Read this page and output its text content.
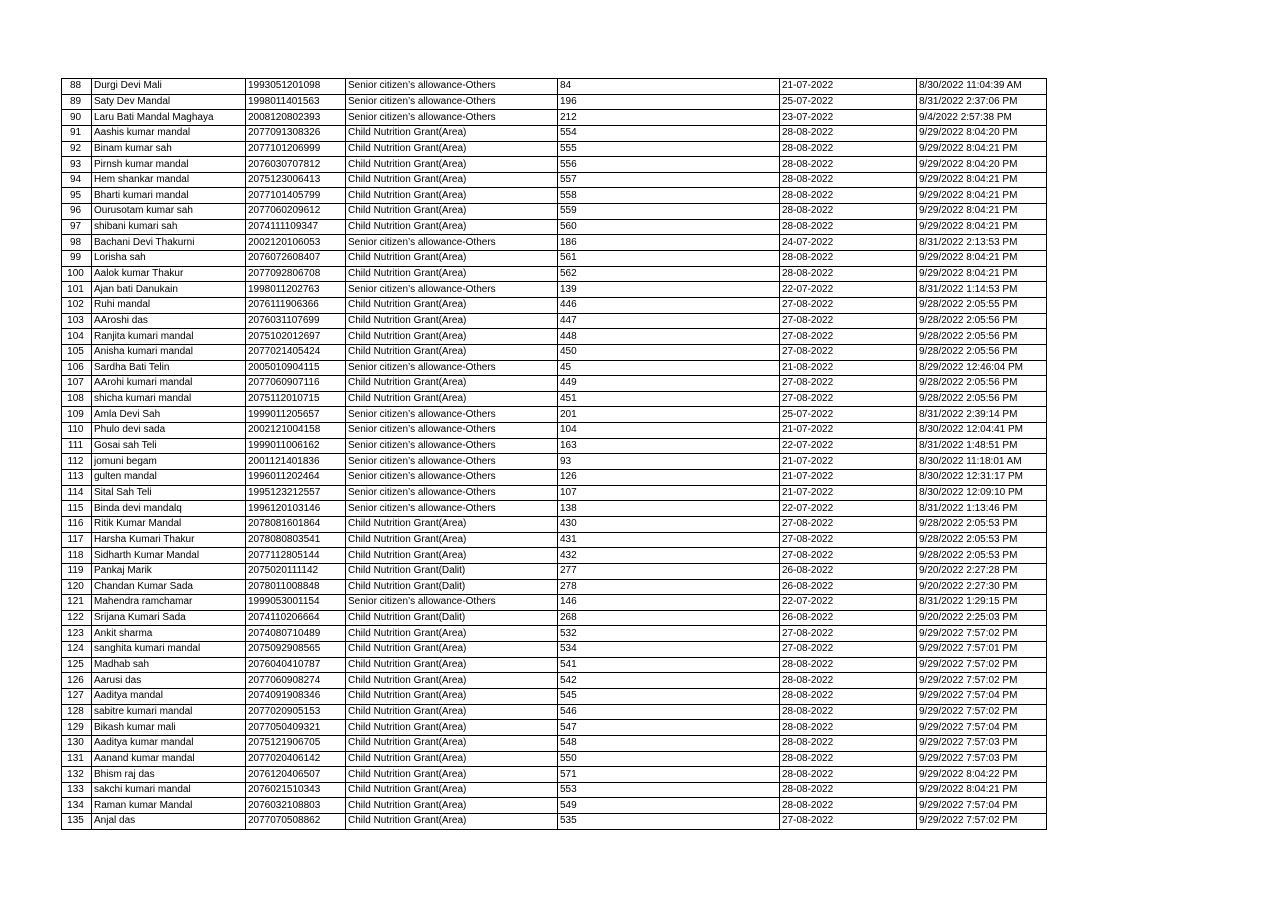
88	Durgi Devi Mali	1993051201098	Senior citizen’s allowance-Others	84	21-07-2022	8/30/2022 11:04:39 AM
89	Saty Dev Mandal	1998011401563	Senior citizen’s allowance-Others	196	25-07-2022	8/31/2022 2:37:06 PM
90	Laru Bati Mandal Maghaya	2008120802393	Senior citizen’s allowance-Others	212	23-07-2022	9/4/2022 2:57:38 PM
91	Aashis kumar mandal	2077091308326	Child Nutrition Grant(Area)	554	28-08-2022	9/29/2022 8:04:20 PM
92	Binam kumar sah	2077101206999	Child Nutrition Grant(Area)	555	28-08-2022	9/29/2022 8:04:21 PM
93	Pirnsh kumar mandal	2076030707812	Child Nutrition Grant(Area)	556	28-08-2022	9/29/2022 8:04:20 PM
94	Hem shankar mandal	2075123006413	Child Nutrition Grant(Area)	557	28-08-2022	9/29/2022 8:04:21 PM
95	Bharti kumari mandal	2077101405799	Child Nutrition Grant(Area)	558	28-08-2022	9/29/2022 8:04:21 PM
96	Ourusotam kumar sah	2077060209612	Child Nutrition Grant(Area)	559	28-08-2022	9/29/2022 8:04:21 PM
97	shibani kumari sah	2074111109347	Child Nutrition Grant(Area)	560	28-08-2022	9/29/2022 8:04:21 PM
98	Bachani Devi Thakurni	2002120106053	Senior citizen’s allowance-Others	186	24-07-2022	8/31/2022 2:13:53 PM
99	Lorisha sah	2076072608407	Child Nutrition Grant(Area)	561	28-08-2022	9/29/2022 8:04:21 PM
100	Aalok kumar Thakur	2077092806708	Child Nutrition Grant(Area)	562	28-08-2022	9/29/2022 8:04:21 PM
101	Ajan bati Danukain	1998011202763	Senior citizen’s allowance-Others	139	22-07-2022	8/31/2022 1:14:53 PM
102	Ruhi mandal	2076111906366	Child Nutrition Grant(Area)	446	27-08-2022	9/28/2022 2:05:55 PM
103	AAroshi das	2076031107699	Child Nutrition Grant(Area)	447	27-08-2022	9/28/2022 2:05:56 PM
104	Ranjita kumari mandal	2075102012697	Child Nutrition Grant(Area)	448	27-08-2022	9/28/2022 2:05:56 PM
105	Anisha kumari mandal	2077021405424	Child Nutrition Grant(Area)	450	27-08-2022	9/28/2022 2:05:56 PM
106	Sardha Bati Telin	2005010904115	Senior citizen’s allowance-Others	45	21-08-2022	8/29/2022 12:46:04 PM
107	AArohi kumari mandal	2077060907116	Child Nutrition Grant(Area)	449	27-08-2022	9/28/2022 2:05:56 PM
108	shicha kumari mandal	2075112010715	Child Nutrition Grant(Area)	451	27-08-2022	9/28/2022 2:05:56 PM
109	Amla Devi Sah	1999011205657	Senior citizen’s allowance-Others	201	25-07-2022	8/31/2022 2:39:14 PM
110	Phulo devi sada	2002121004158	Senior citizen’s allowance-Others	104	21-07-2022	8/30/2022 12:04:41 PM
111	Gosai sah Teli	1999011006162	Senior citizen’s allowance-Others	163	22-07-2022	8/31/2022 1:48:51 PM
112	jomuni begam	2001121401836	Senior citizen’s allowance-Others	93	21-07-2022	8/30/2022 11:18:01 AM
113	gulten mandal	1996011202464	Senior citizen’s allowance-Others	126	21-07-2022	8/30/2022 12:31:17 PM
114	Sital Sah Teli	1995123212557	Senior citizen’s allowance-Others	107	21-07-2022	8/30/2022 12:09:10 PM
115	Binda devi mandalq	1996120103146	Senior citizen’s allowance-Others	138	22-07-2022	8/31/2022 1:13:46 PM
116	Ritik Kumar Mandal	2078081601864	Child Nutrition Grant(Area)	430	27-08-2022	9/28/2022 2:05:53 PM
117	Harsha Kumari Thakur	2078080803541	Child Nutrition Grant(Area)	431	27-08-2022	9/28/2022 2:05:53 PM
118	Sidharth Kumar Mandal	2077112805144	Child Nutrition Grant(Area)	432	27-08-2022	9/28/2022 2:05:53 PM
119	Pankaj Marik	2075020111142	Child Nutrition Grant(Dalit)	277	26-08-2022	9/20/2022 2:27:28 PM
120	Chandan Kumar Sada	2078011008848	Child Nutrition Grant(Dalit)	278	26-08-2022	9/20/2022 2:27:30 PM
121	Mahendra ramchamar	1999053001154	Senior citizen’s allowance-Others	146	22-07-2022	8/31/2022 1:29:15 PM
122	Srijana Kumari Sada	2074110206664	Child Nutrition Grant(Dalit)	268	26-08-2022	9/20/2022 2:25:03 PM
123	Ankit sharma	2074080710489	Child Nutrition Grant(Area)	532	27-08-2022	9/29/2022 7:57:02 PM
124	sanghita kumari mandal	2075092908565	Child Nutrition Grant(Area)	534	27-08-2022	9/29/2022 7:57:01 PM
125	Madhab sah	2076040410787	Child Nutrition Grant(Area)	541	28-08-2022	9/29/2022 7:57:02 PM
126	Aarusi das	2077060908274	Child Nutrition Grant(Area)	542	28-08-2022	9/29/2022 7:57:02 PM
127	Aaditya mandal	2074091908346	Child Nutrition Grant(Area)	545	28-08-2022	9/29/2022 7:57:04 PM
128	sabitre kumari mandal	2077020905153	Child Nutrition Grant(Area)	546	28-08-2022	9/29/2022 7:57:02 PM
129	Bikash kumar mali	2077050409321	Child Nutrition Grant(Area)	547	28-08-2022	9/29/2022 7:57:04 PM
130	Aaditya kumar mandal	2075121906705	Child Nutrition Grant(Area)	548	28-08-2022	9/29/2022 7:57:03 PM
131	Aanand kumar mandal	2077020406142	Child Nutrition Grant(Area)	550	28-08-2022	9/29/2022 7:57:03 PM
132	Bhism raj das	2076120406507	Child Nutrition Grant(Area)	571	28-08-2022	9/29/2022 8:04:22 PM
133	sakchi kumari mandal	2076021510343	Child Nutrition Grant(Area)	553	28-08-2022	9/29/2022 8:04:21 PM
134	Raman kumar Mandal	2076032108803	Child Nutrition Grant(Area)	549	28-08-2022	9/29/2022 7:57:04 PM
135	Anjal das	2077070508862	Child Nutrition Grant(Area)	535	27-08-2022	9/29/2022 7:57:02 PM
